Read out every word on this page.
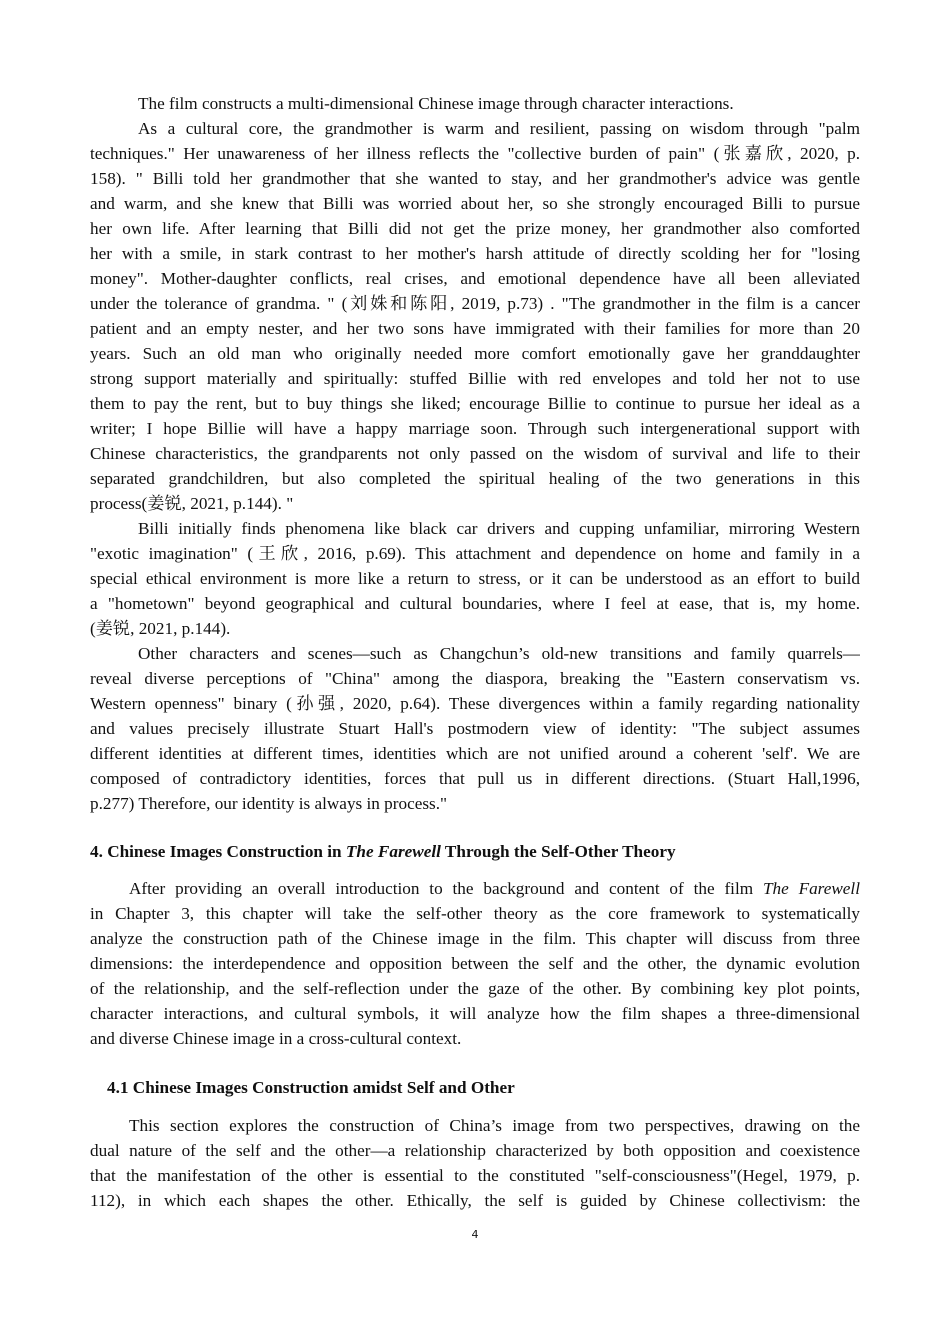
The film constructs a multi-dimensional Chinese image through character interactions.
As a cultural core, the grandmother is warm and resilient, passing on wisdom through "palm
techniques." Her unawareness of her illness reflects the "collective burden of pain" (张嘉欣, 2020, p.
158). " Billi told her grandmother that she wanted to stay, and her grandmother's advice was gentle
and warm, and she knew that Billi was worried about her, so she strongly encouraged Billi to pursue
her own life. After learning that Billi did not get the prize money, her grandmother also comforted
her with a smile, in stark contrast to her mother's harsh attitude of directly scolding her for "losing
money". Mother-daughter conflicts, real crises, and emotional dependence have all been alleviated
under the tolerance of grandma. " (刘姝和陈阳, 2019, p.73) . "The grandmother in the film is a cancer
patient and an empty nester, and her two sons have immigrated with their families for more than 20
years. Such an old man who originally needed more comfort emotionally gave her granddaughter
strong support materially and spiritually: stuffed Billie with red envelopes and told her not to use
them to pay the rent, but to buy things she liked; encourage Billie to continue to pursue her ideal as a
writer; I hope Billie will have a happy marriage soon. Through such intergenerational support with
Chinese characteristics, the grandparents not only passed on the wisdom of survival and life to their
separated grandchildren, but also completed the spiritual healing of the two generations in this
process(姜锐, 2021, p.144). "
Billi initially finds phenomena like black car drivers and cupping unfamiliar, mirroring Western
"exotic imagination" (王欣, 2016, p.69). This attachment and dependence on home and family in a
special ethical environment is more like a return to stress, or it can be understood as an effort to build
a "hometown" beyond geographical and cultural boundaries, where I feel at ease, that is, my home.
(姜锐, 2021, p.144).
Other characters and scenes—such as Changchun’s old-new transitions and family quarrels—
reveal diverse perceptions of "China" among the diaspora, breaking the "Eastern conservatism vs.
Western openness" binary (孙强, 2020, p.64). These divergences within a family regarding nationality
and values precisely illustrate Stuart Hall's postmodern view of identity: "The subject assumes
different identities at different times, identities which are not unified around a coherent 'self'. We are
composed of contradictory identities, forces that pull us in different directions. (Stuart Hall,1996,
p.277) Therefore, our identity is always in process."
4. Chinese Images Construction in The Farewell Through the Self-Other Theory
After providing an overall introduction to the background and content of the film The Farewell
in Chapter 3, this chapter will take the self-other theory as the core framework to systematically
analyze the construction path of the Chinese image in the film. This chapter will discuss from three
dimensions: the interdependence and opposition between the self and the other, the dynamic evolution
of the relationship, and the self-reflection under the gaze of the other. By combining key plot points,
character interactions, and cultural symbols, it will analyze how the film shapes a three-dimensional
and diverse Chinese image in a cross-cultural context.
4.1 Chinese Images Construction amidst Self and Other
This section explores the construction of China’s image from two perspectives, drawing on the
dual nature of the self and the other—a relationship characterized by both opposition and coexistence
that the manifestation of the other is essential to the constituted "self-consciousness"(Hegel, 1979, p.
112), in which each shapes the other. Ethically, the self is guided by Chinese collectivism: the
4
